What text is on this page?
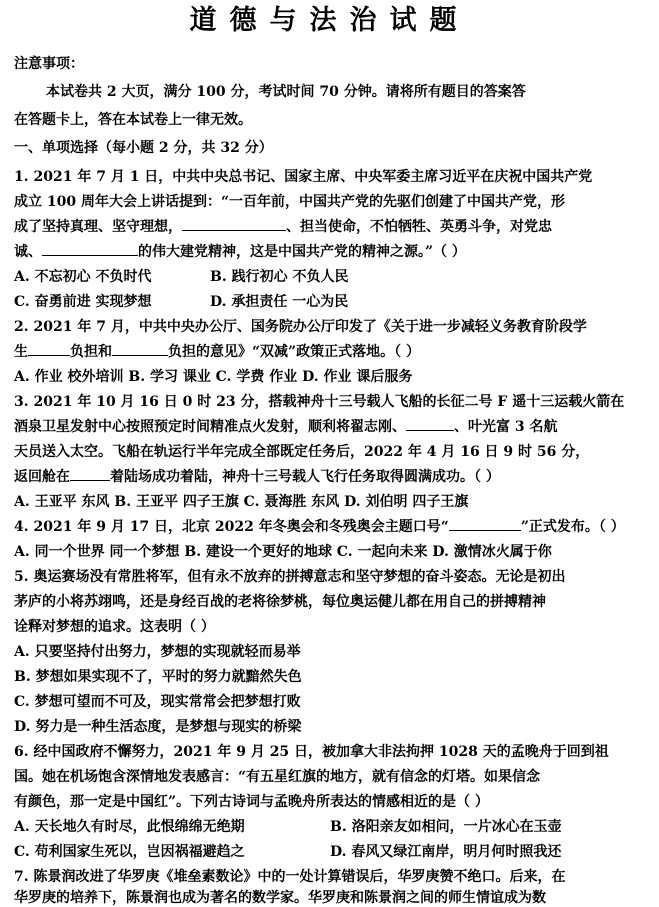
道德与法治试题
注意事项：
本试卷共 2 大页，满分 100 分，考试时间 70 分钟。请将所有题目的答案答
在答题卡上，答在本试卷上一律无效。
一、单项选择（每小题 2 分，共 32 分）
1. 2021 年 7 月 1 日，中共中央总书记、国家主席、中央军委主席习近平在庆祝中国共产党
成立 100 周年大会上讲话提到：“一百年前，中国共产党的先驱们创建了中国共产党，形
成了坚持真理、坚守理想，	、担当使命，不怕牺牲、英勇斗争，对党忠
诚、	的伟大建党精神，这是中国共产党的精神之源。”（ ）
A. 不忘初心 不负时代	B. 践行初心 不负人民
C. 奋勇前进 实现梦想	D. 承担责任 一心为民
2. 2021 年 7 月，中共中央办公厅、国务院办公厅印发了《关于进一步减轻义务教育阶段学
生	负担和	负担的意见》“双减”政策正式落地。（ ）
A. 作业 校外培训 B. 学习 课业 C. 学费 作业 D. 作业 课后服务
3. 2021 年 10 月 16 日 0 时 23 分，搭载神舟十三号载人飞船的长征二号 F 遥十三运载火箭在
酒泉卫星发射中心按照预定时间精准点火发射，顺利将翟志刚、	、叶光富 3 名航
天员送入太空。飞船在轨运行半年完成全部既定任务后，2022 年 4 月 16 日 9 时 56 分，
返回舱在	着陆场成功着陆，神舟十三号载人飞行任务取得圆满成功。（ ）
A. 王亚平 东风 B. 王亚平 四子王旗 C. 聂海胜 东风 D. 刘伯明 四子王旗
4. 2021 年 9 月 17 日，北京 2022 年冬奥会和冬残奥会主题口号“	”正式发布。（ ）
A. 同一个世界 同一个梦想 B. 建设一个更好的地球 C. 一起向未来 D. 激情冰火属于你
5. 奥运赛场没有常胜将军，但有永不放弃的拼搏意志和坚守梦想的奋斗姿态。无论是初出
茅庐的小将苏翊鸣，还是身经百战的老将徐梦桃，每位奥运健儿都在用自己的拼搏精神
诠释对梦想的追求。这表明（ ）
A. 只要坚持付出努力，梦想的实现就轻而易举
B. 梦想如果实现不了，平时的努力就黯然失色
C. 梦想可望而不可及，现实常常会把梦想打败
D. 努力是一种生活态度，是梦想与现实的桥梁
6. 经中国政府不懈努力，2021 年 9 月 25 日，被加拿大非法拘押 1028 天的孟晚舟于回到祖
国。她在机场饱含深情地发表感言：“有五星红旗的地方，就有信念的灯塔。如果信念
有颜色，那一定是中国红”。下列古诗词与孟晚舟所表达的情感相近的是（ ）
A. 天长地久有时尽，此恨绵绵无绝期	B. 洛阳亲友如相问，一片冰心在玉壶
C. 苟利国家生死以，岂因祸福避趋之	D. 春风又绿江南岸，明月何时照我还
7. 陈景润改进了华罗庚《堆垒素数论》中的一处计算错误后，华罗庚赞不绝口。后来，在
华罗庚的培养下，陈景润也成为著名的数学家。华罗庚和陈景润之间的师生情谊成为数
